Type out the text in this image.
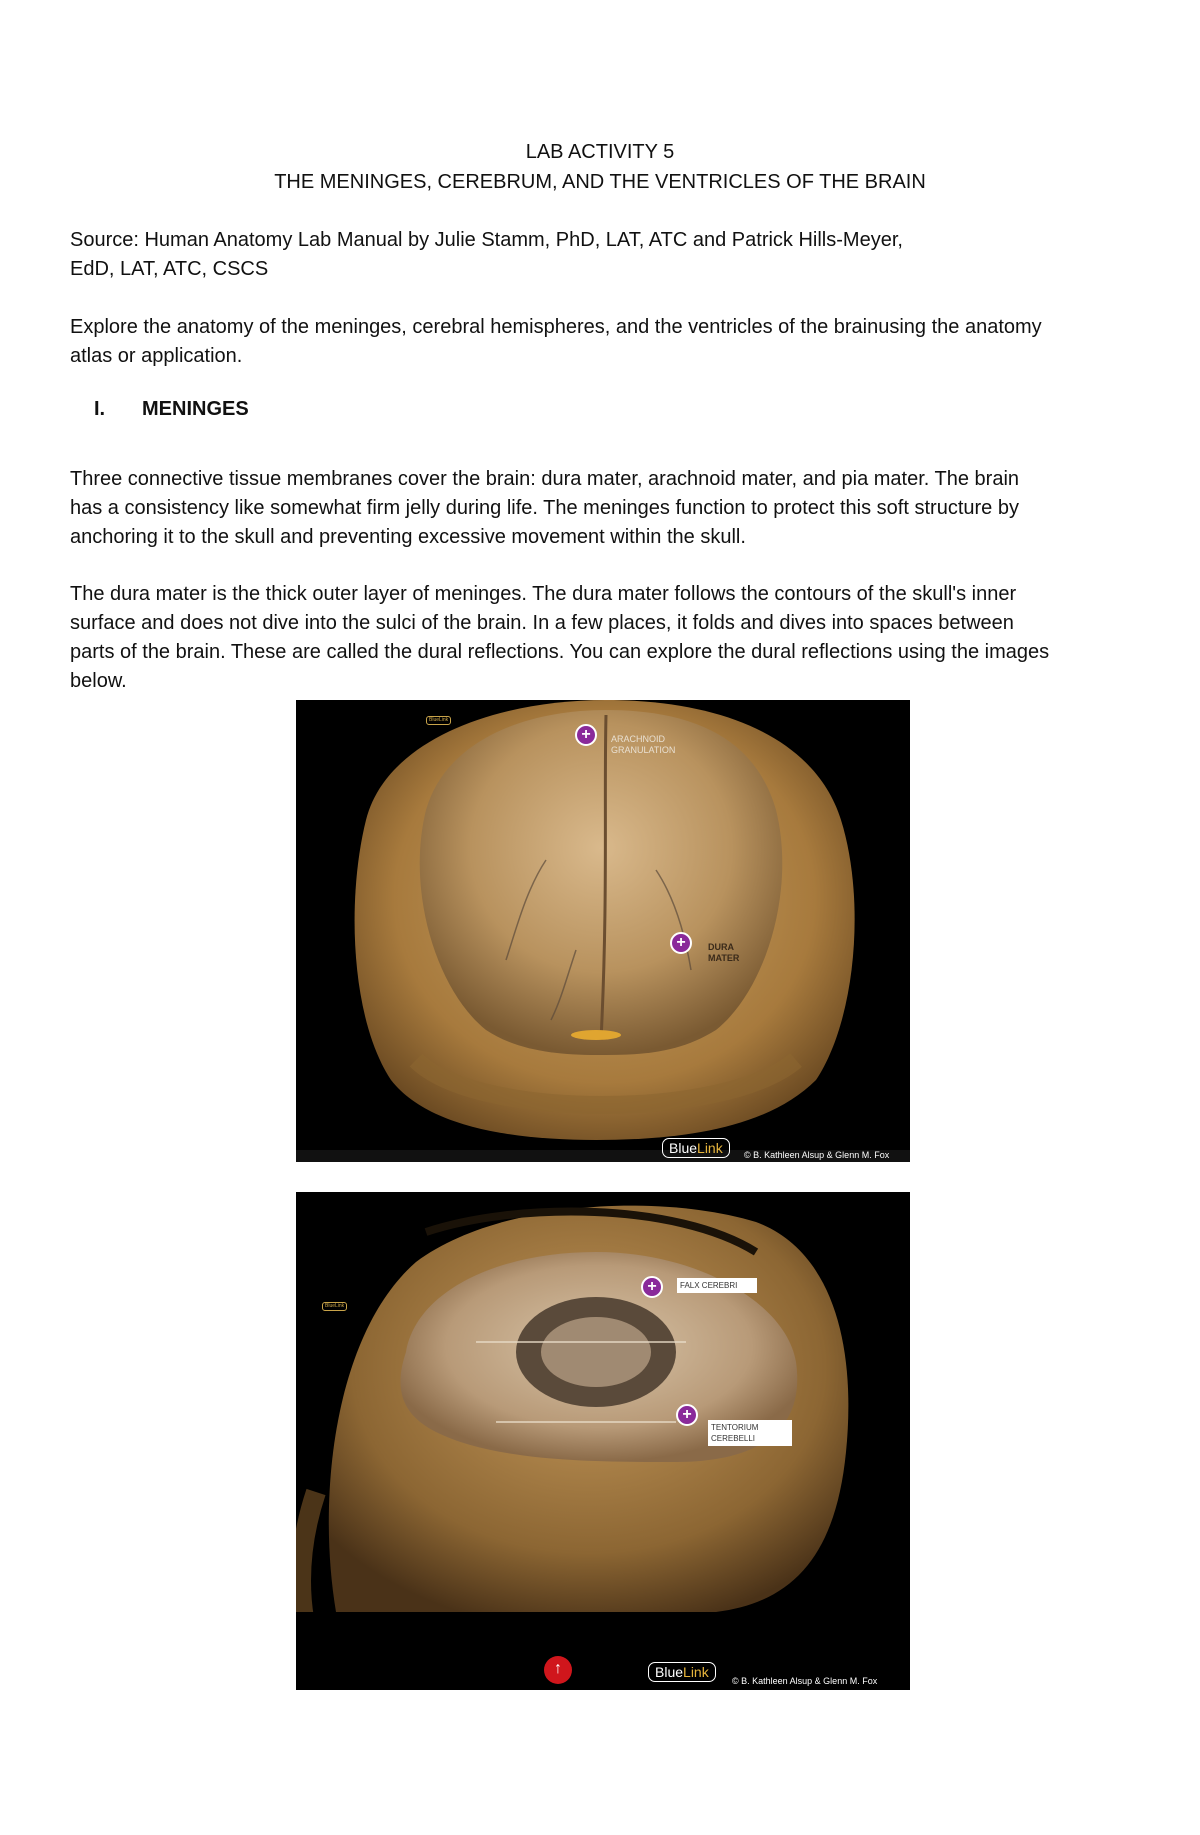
LAB ACTIVITY 5
THE MENINGES, CEREBRUM, AND THE VENTRICLES OF THE BRAIN

Source: Human Anatomy Lab Manual by Julie Stamm, PhD, LAT, ATC and Patrick Hills-Meyer,
EdD, LAT, ATC, CSCS

Explore the anatomy of the meninges, cerebral hemispheres, and the ventricles of the brainusing the anatomy
atlas or application.

I. MENINGES

Three connective tissue membranes cover the brain: dura mater, arachnoid mater, and pia mater. The brain
has a consistency like somewhat firm jelly during life. The meninges function to protect this soft structure by
anchoring it to the skull and preventing excessive movement within the skull.

The dura mater is the thick outer layer of meninges. The dura mater follows the contours of the skull's inner
surface and does not dive into the sulci of the brain. In a few places, it folds and dives into spaces between
parts of the brain. These are called the dural reflections. You can explore the dural reflections using the images
below.

BlueLink
+	ARACHNOID
GRANULATION
+	DURA
MATER
BlueLink	© B. Kathleen Alsup & Glenn M. Fox
BlueLink
+	FALX CEREBRI
+
TENTORIUM
CEREBELLI
↑	BlueLink
© B. Kathleen Alsup & Glenn M. Fox
